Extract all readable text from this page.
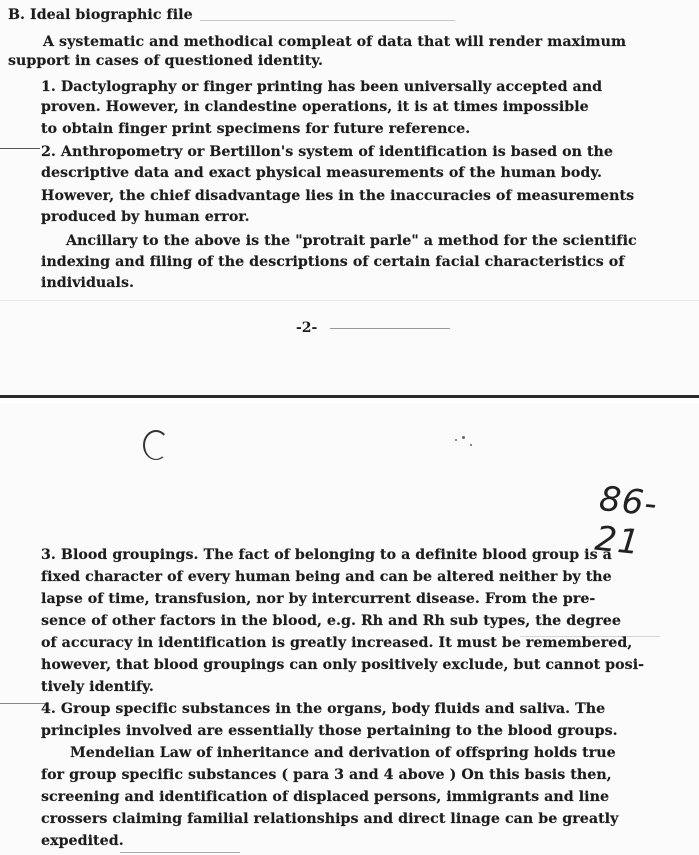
B. Ideal biographic file
A systematic and methodical compleat of data that will render maximum
support in cases of questioned identity.
1. Dactylography or finger printing has been universally accepted and
proven. However, in clandestine operations, it is at times impossible
to obtain finger print specimens for future reference.
2. Anthropometry or Bertillon's system of identification is based on the
descriptive data and exact physical measurements of the human body.
However, the chief disadvantage lies in the inaccuracies of measurements
produced by human error.
Ancillary to the above is the "protrait parle" a method for the scientific
indexing and filing of the descriptions of certain facial characteristics of
individuals.
-2-
86-21
3. Blood groupings. The fact of belonging to a definite blood group is a
fixed character of every human being and can be altered neither by the
lapse of time, transfusion, nor by intercurrent disease. From the pre-
sence of other factors in the blood, e.g. Rh and Rh sub types, the degree
of accuracy in identification is greatly increased. It must be remembered,
however, that blood groupings can only positively exclude, but cannot posi-
tively identify.
4. Group specific substances in the organs, body fluids and saliva. The
principles involved are essentially those pertaining to the blood groups.
Mendelian Law of inheritance and derivation of offspring holds true
for group specific substances ( para 3 and 4 above ) On this basis then,
screening and identification of displaced persons, immigrants and line
crossers claiming familial relationships and direct linage can be greatly
expedited.
